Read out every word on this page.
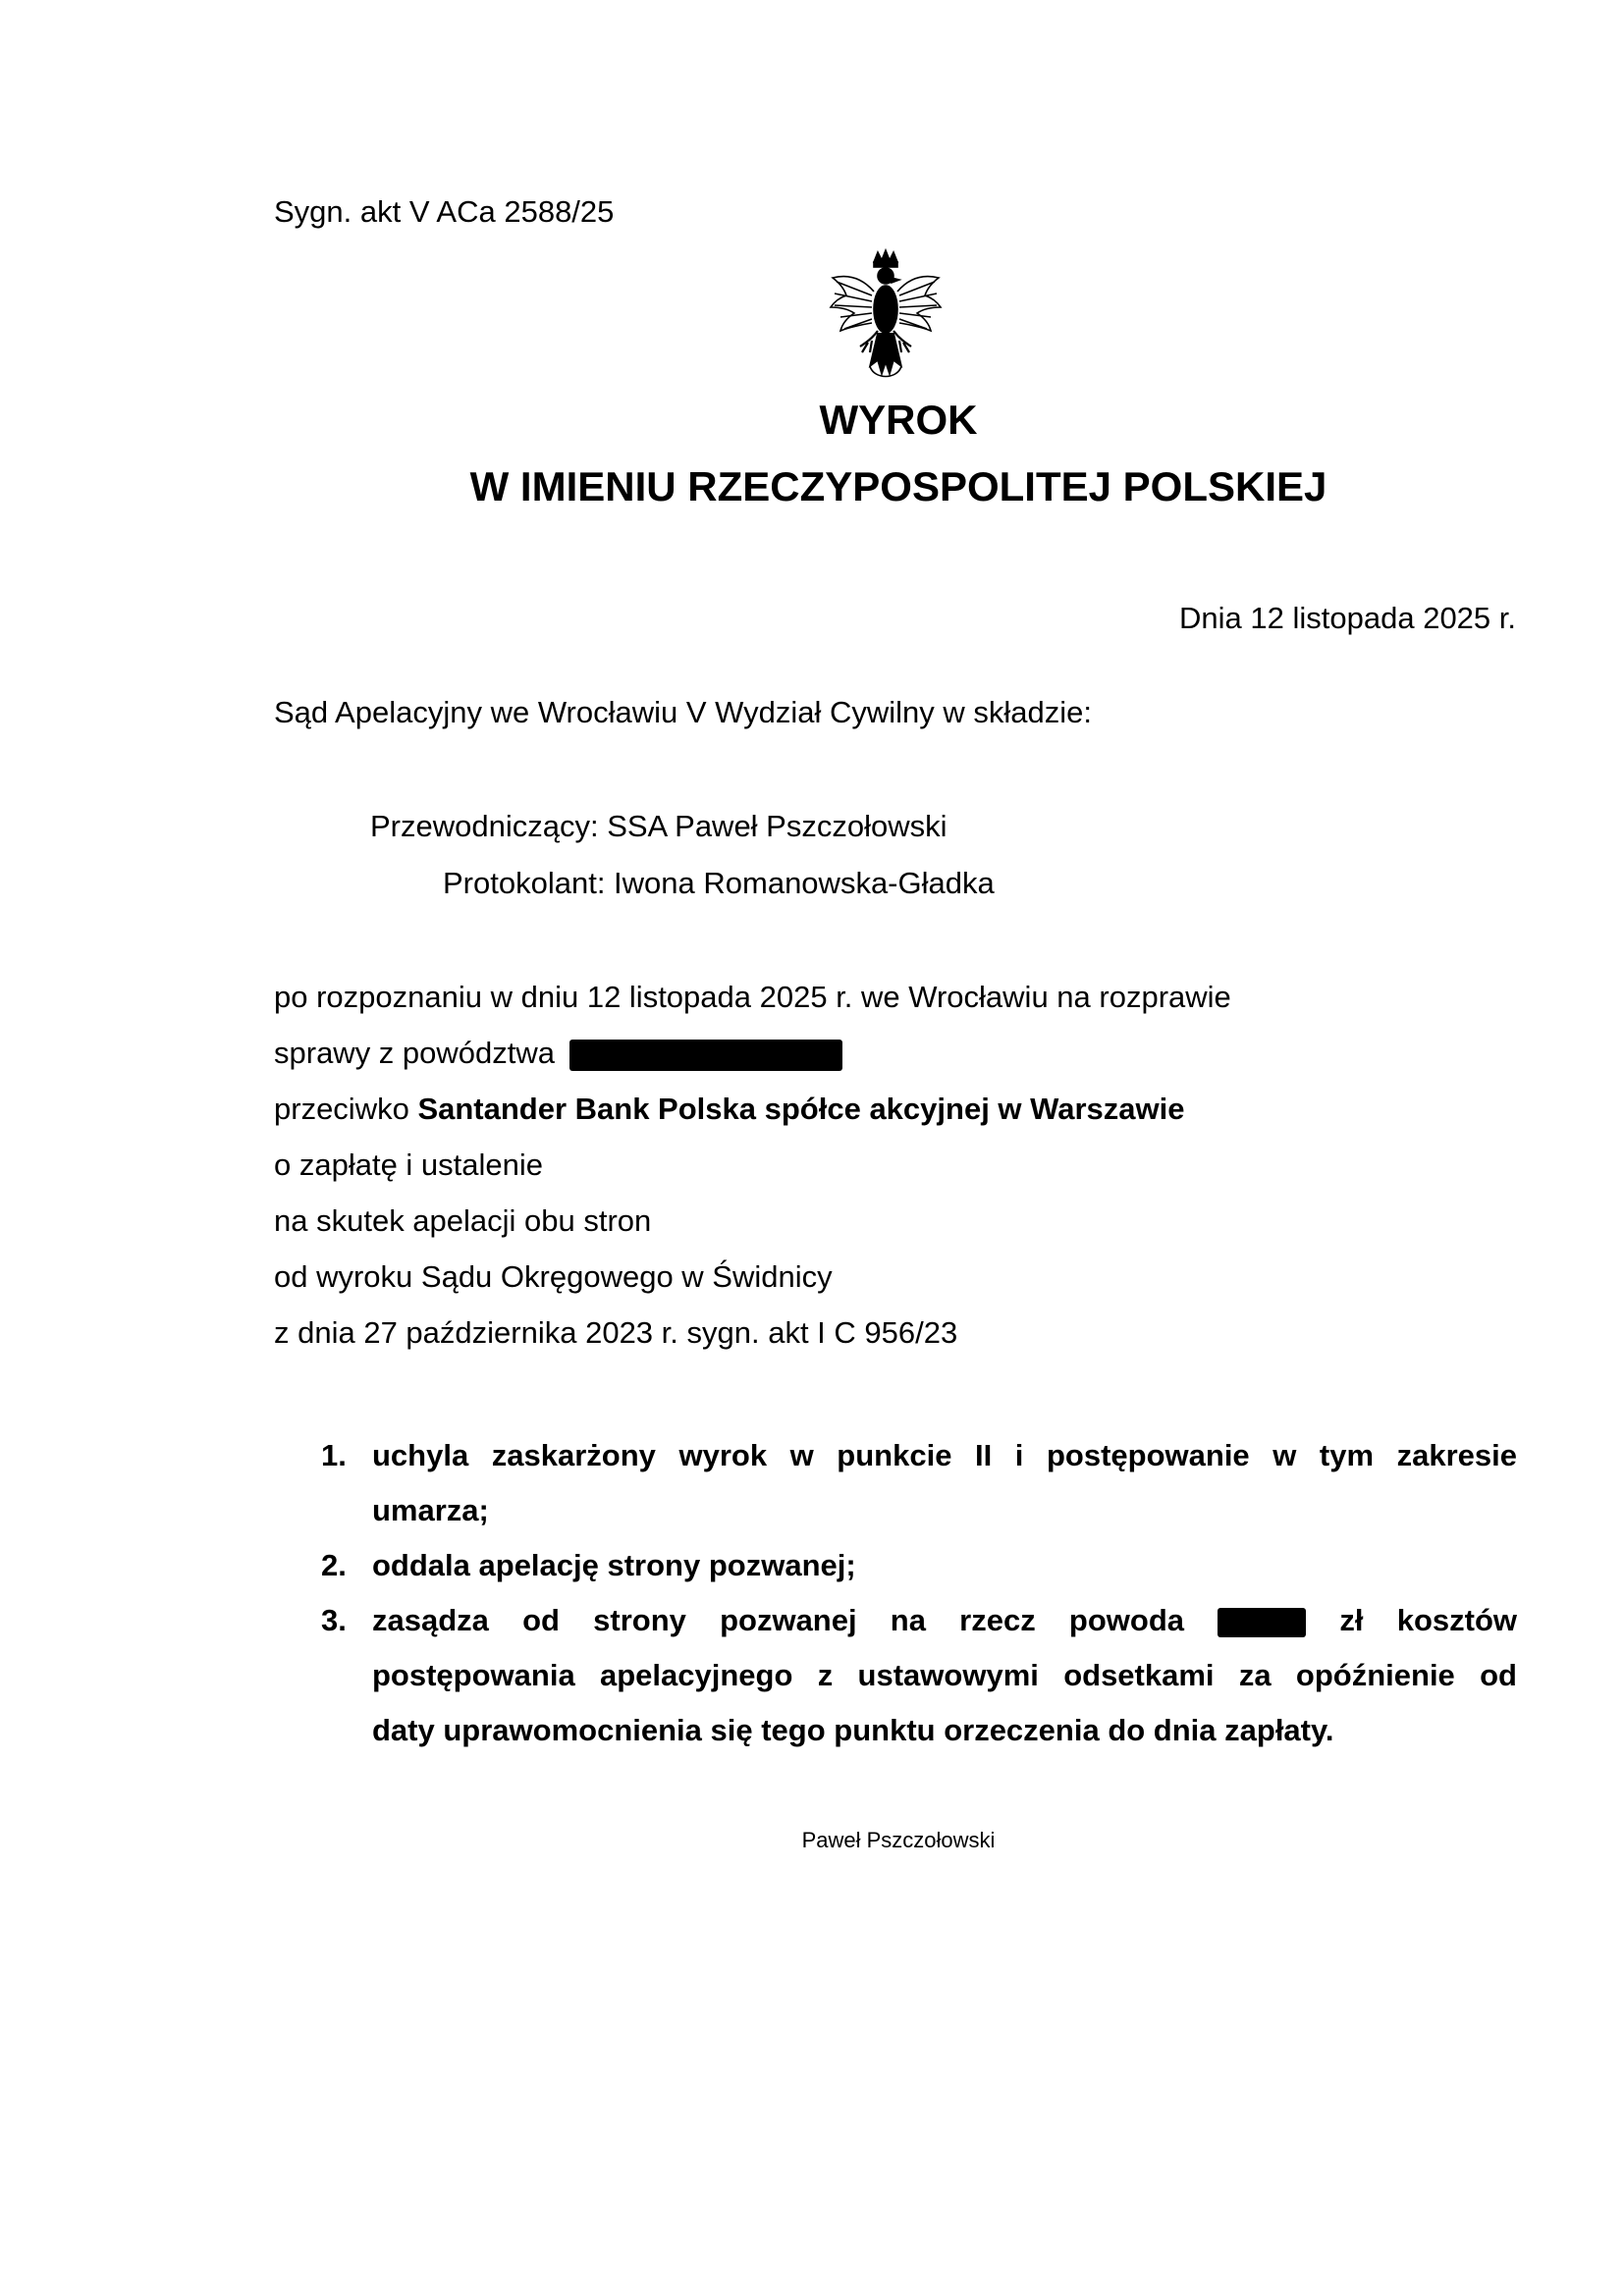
Sygn. akt V ACa 2588/25
WYROK
W IMIENIU RZECZYPOSPOLITEJ POLSKIEJ
Dnia 12 listopada 2025 r.
Sąd Apelacyjny we Wrocławiu V Wydział Cywilny w składzie:
Przewodniczący: SSA Paweł Pszczołowski
Protokolant: Iwona Romanowska-Gładka
po rozpoznaniu w dniu 12 listopada 2025 r. we Wrocławiu na rozprawie
sprawy z powództwa
przeciwko Santander Bank Polska spółce akcyjnej w Warszawie
o zapłatę i ustalenie
na skutek apelacji obu stron
od wyroku Sądu Okręgowego w Świdnicy
z dnia 27 października 2023 r. sygn. akt I C 956/23
1. uchyla zaskarżony wyrok w punkcie II i postępowanie w tym zakresie
umarza;
2. oddala apelację strony pozwanej;
3. zasądza od strony pozwanej na rzecz powoda	zł kosztów
postępowania apelacyjnego z ustawowymi odsetkami za opóźnienie od
daty uprawomocnienia się tego punktu orzeczenia do dnia zapłaty.
Paweł Pszczołowski
